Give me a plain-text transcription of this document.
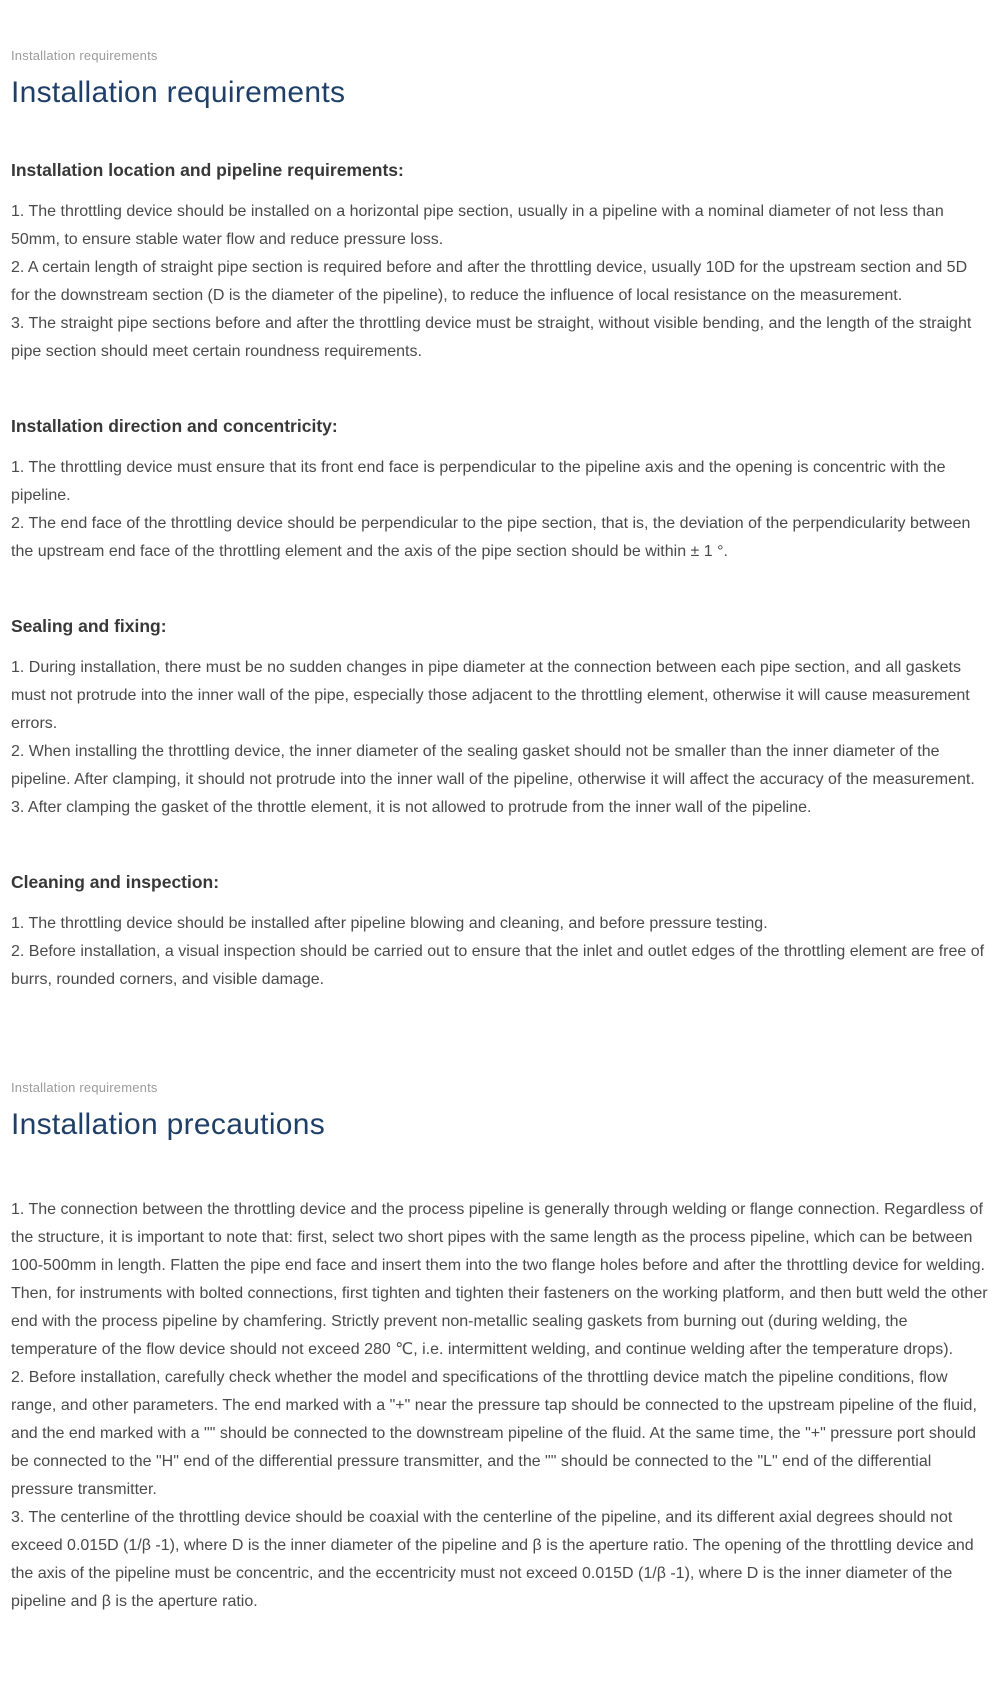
Installation requirements
Installation requirements
Installation location and pipeline requirements:

1. The throttling device should be installed on a horizontal pipe section, usually in a pipeline with a nominal diameter of not less than 50mm, to ensure stable water flow and reduce pressure loss.

2. A certain length of straight pipe section is required before and after the throttling device, usually 10D for the upstream section and 5D for the downstream section (D is the diameter of the pipeline), to reduce the influence of local resistance on the measurement.

3. The straight pipe sections before and after the throttling device must be straight, without visible bending, and the length of the straight pipe section should meet certain roundness requirements.

Installation direction and concentricity:

1. The throttling device must ensure that its front end face is perpendicular to the pipeline axis and the opening is concentric with the pipeline.

2. The end face of the throttling device should be perpendicular to the pipe section, that is, the deviation of the perpendicularity between the upstream end face of the throttling element and the axis of the pipe section should be within ± 1 °.

Sealing and fixing:

1. During installation, there must be no sudden changes in pipe diameter at the connection between each pipe section, and all gaskets must not protrude into the inner wall of the pipe, especially those adjacent to the throttling element, otherwise it will cause measurement errors.

2. When installing the throttling device, the inner diameter of the sealing gasket should not be smaller than the inner diameter of the pipeline. After clamping, it should not protrude into the inner wall of the pipeline, otherwise it will affect the accuracy of the measurement.

3. After clamping the gasket of the throttle element, it is not allowed to protrude from the inner wall of the pipeline.

Cleaning and inspection:

1. The throttling device should be installed after pipeline blowing and cleaning, and before pressure testing.

2. Before installation, a visual inspection should be carried out to ensure that the inlet and outlet edges of the throttling element are free of burrs, rounded corners, and visible damage.

Installation requirements
Installation precautions

1. The connection between the throttling device and the process pipeline is generally through welding or flange connection. Regardless of the structure, it is important to note that: first, select two short pipes with the same length as the process pipeline, which can be between 100-500mm in length. Flatten the pipe end face and insert them into the two flange holes before and after the throttling device for welding. Then, for instruments with bolted connections, first tighten and tighten their fasteners on the working platform, and then butt weld the other end with the process pipeline by chamfering. Strictly prevent non-metallic sealing gaskets from burning out (during welding, the temperature of the flow device should not exceed 280 ℃, i.e. intermittent welding, and continue welding after the temperature drops).

2. Before installation, carefully check whether the model and specifications of the throttling device match the pipeline conditions, flow range, and other parameters. The end marked with a "+" near the pressure tap should be connected to the upstream pipeline of the fluid, and the end marked with a "" should be connected to the downstream pipeline of the fluid. At the same time, the "+" pressure port should be connected to the "H" end of the differential pressure transmitter, and the "" should be connected to the "L" end of the differential pressure transmitter.

3. The centerline of the throttling device should be coaxial with the centerline of the pipeline, and its different axial degrees should not exceed 0.015D (1/β -1), where D is the inner diameter of the pipeline and β is the aperture ratio. The opening of the throttling device and the axis of the pipeline must be concentric, and the eccentricity must not exceed 0.015D (1/β -1), where D is the inner diameter of the pipeline and β is the aperture ratio.
